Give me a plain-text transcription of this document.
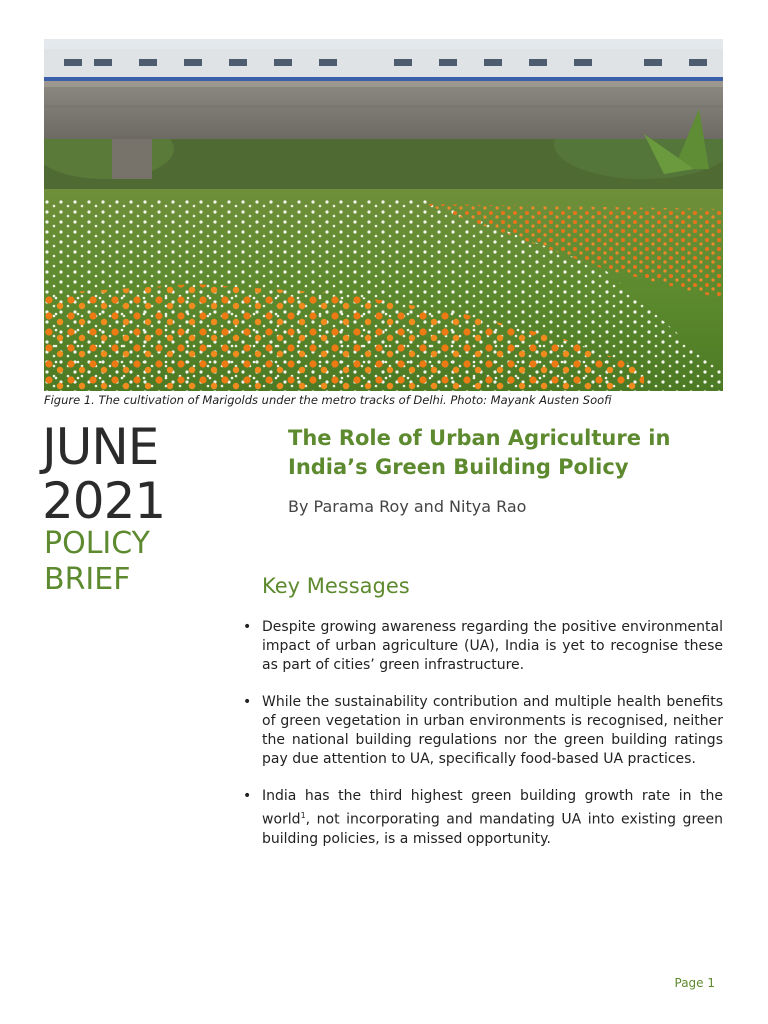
Figure 1. The cultivation of Marigolds under the metro tracks of Delhi. Photo: Mayank Austen Soofi
JUNE
2021
POLICY
BRIEF
The Role of Urban Agriculture in India’s Green Building Policy
By Parama Roy and Nitya Rao
Key Messages
• Despite growing awareness regarding the positive environmental impact of urban agriculture (UA), India is yet to recognise these as part of cities’ green infrastructure.
• While the sustainability contribution and multiple health benefits of green vegetation in urban environments is recognised, neither the national building regulations nor the green building ratings pay due attention to UA, specifically food-based UA practices.
• India has the third highest green building growth rate in the world$^1$, not incorporating and mandating UA into existing green building policies, is a missed opportunity.
Page 1
